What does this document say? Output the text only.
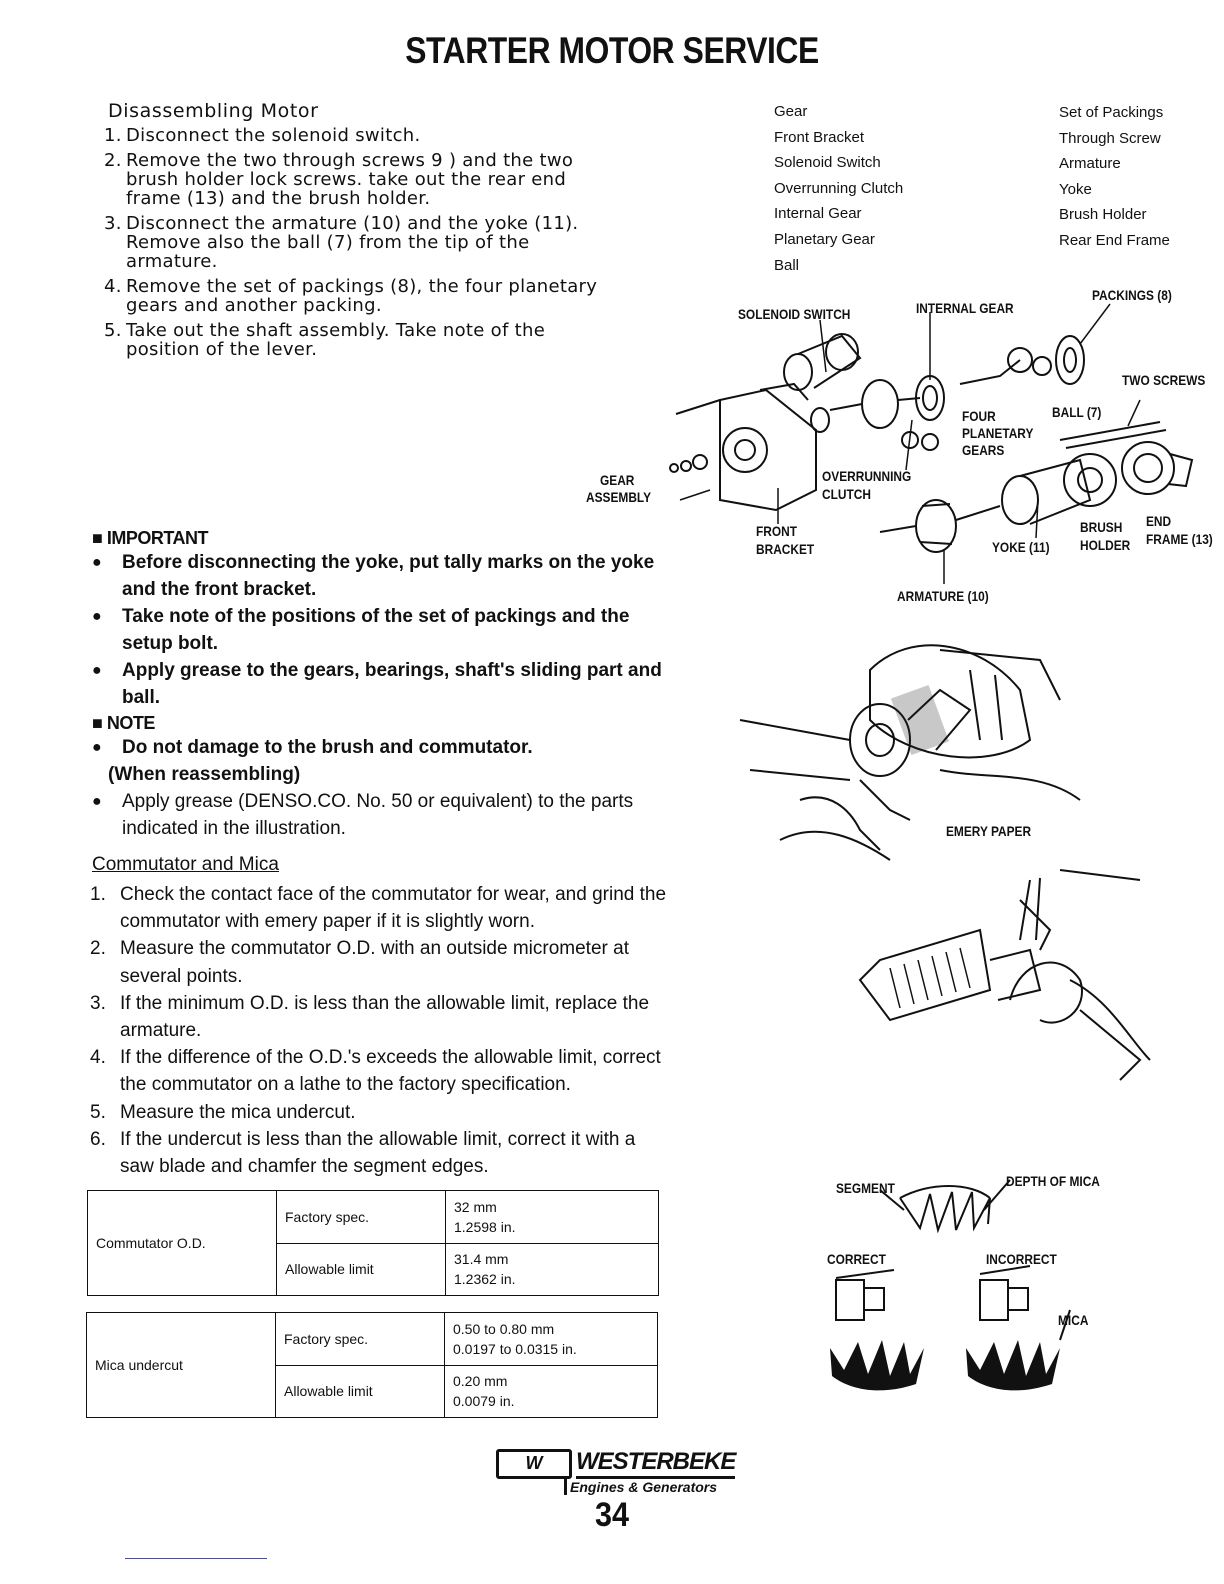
STARTER MOTOR SERVICE
Disassembling Motor
1. Disconnect the solenoid switch.
2. Remove the two through screws 9 ) and the two brush holder lock screws. take out the rear end frame (13) and the brush holder.
3. Disconnect the armature (10) and the yoke (11). Remove also the ball (7) from the tip of the armature.
4. Remove the set of packings (8), the four planetary gears and another packing.
5. Take out the shaft assembly. Take note of the position of the lever.
Gear
Front Bracket
Solenoid Switch
Overrunning Clutch
Internal Gear
Planetary Gear
Ball
Set of Packings
Through Screw
Armature
Yoke
Brush Holder
Rear End Frame
SOLENOID SWITCH	INTERNAL GEAR
PACKINGS (8)
TWO SCREWS
FOUR
PLANETARY
GEARS
BALL (7)
GEAR
ASSEMBLY
OVERRUNNING
CLUTCH
FRONT
BRACKET
BRUSH
HOLDER
END
FRAME (13)
YOKE (11)
ARMATURE (10)
■ IMPORTANT
●	Before disconnecting the yoke, put tally marks on the yoke and the front bracket.
●	Take note of the positions of the set of packings and the setup bolt.
●	Apply grease to the gears, bearings, shaft's sliding part and ball.
■ NOTE
●	Do not damage to the brush and commutator.
(When reassembling)
●	Apply grease (DENSO.CO. No. 50 or equivalent) to the parts indicated in the illustration.
Commutator and Mica
1. Check the contact face of the commutator for wear, and grind the commutator with emery paper if it is slightly worn.
2. Measure the commutator O.D. with an outside micrometer at several points.
3. If the minimum O.D. is less than the allowable limit, replace the armature.
4. If the difference of the O.D.'s exceeds the allowable limit, correct the commutator on a lathe to the factory specification.
5. Measure the mica undercut.
6. If the undercut is less than the allowable limit, correct it with a saw blade and chamfer the segment edges.
Commutator O.D.	Factory spec.	32 mm
1.2598 in.

	Allowable limit	31.4 mm
1.2362 in.
Mica undercut	Factory spec.	0.50 to 0.80 mm
0.0197 to 0.0315 in.

	Allowable limit	0.20 mm
0.0079 in.
EMERY PAPER
SEGMENT	DEPTH OF MICA
CORRECT	INCORRECT
MICA
W	WESTERBEKE
Engines & Generators
34
